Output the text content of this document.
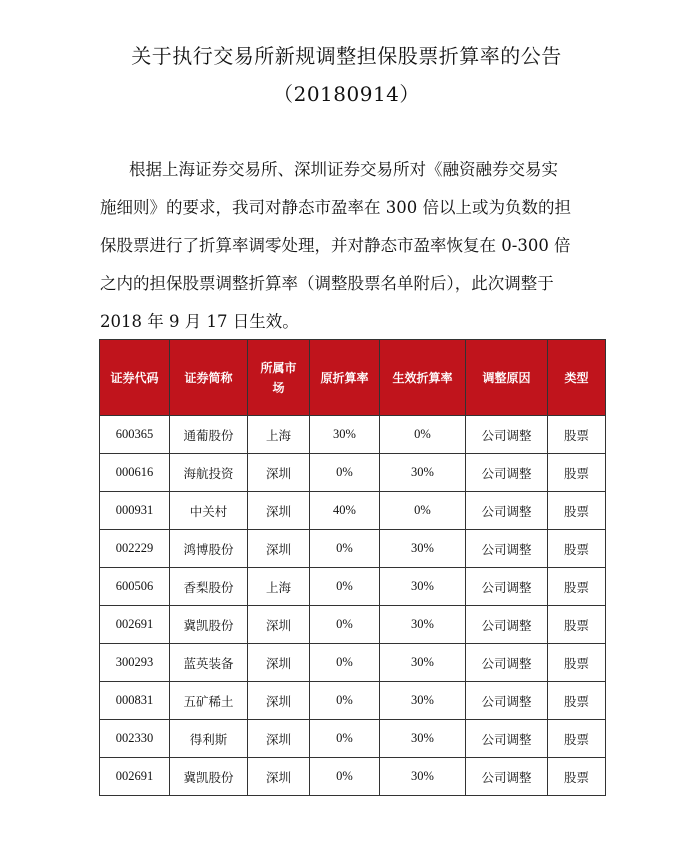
关于执行交易所新规调整担保股票折算率的公告
（20180914）
根据上海证券交易所、深圳证券交易所对《融资融券交易实
施细则》的要求，我司对静态市盈率在 300 倍以上或为负数的担
保股票进行了折算率调零处理，并对静态市盈率恢复在 0-300 倍
之内的担保股票调整折算率（调整股票名单附后），此次调整于
2018 年 9 月 17 日生效。
证券代码	证券简称	所属市场	原折算率	生效折算率	调整原因	类型
600365	通葡股份	上海	30%	0%	公司调整	股票
000616	海航投资	深圳	0%	30%	公司调整	股票
000931	中关村	深圳	40%	0%	公司调整	股票
002229	鸿博股份	深圳	0%	30%	公司调整	股票
600506	香梨股份	上海	0%	30%	公司调整	股票
002691	冀凯股份	深圳	0%	30%	公司调整	股票
300293	蓝英装备	深圳	0%	30%	公司调整	股票
000831	五矿稀土	深圳	0%	30%	公司调整	股票
002330	得利斯	深圳	0%	30%	公司调整	股票
002691	冀凯股份	深圳	0%	30%	公司调整	股票
